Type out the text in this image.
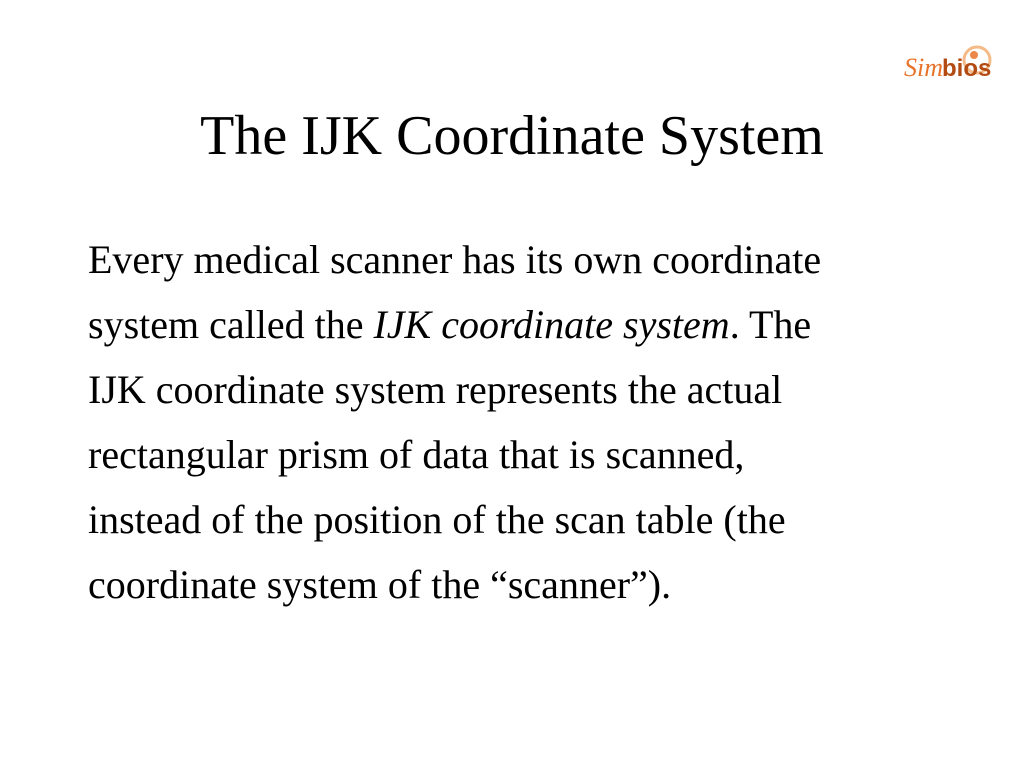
Sim bios
The IJK Coordinate System
Every medical scanner has its own coordinate
system called the IJK coordinate system. The
IJK coordinate system represents the actual
rectangular prism of data that is scanned,
instead of the position of the scan table (the
coordinate system of the “scanner”).
